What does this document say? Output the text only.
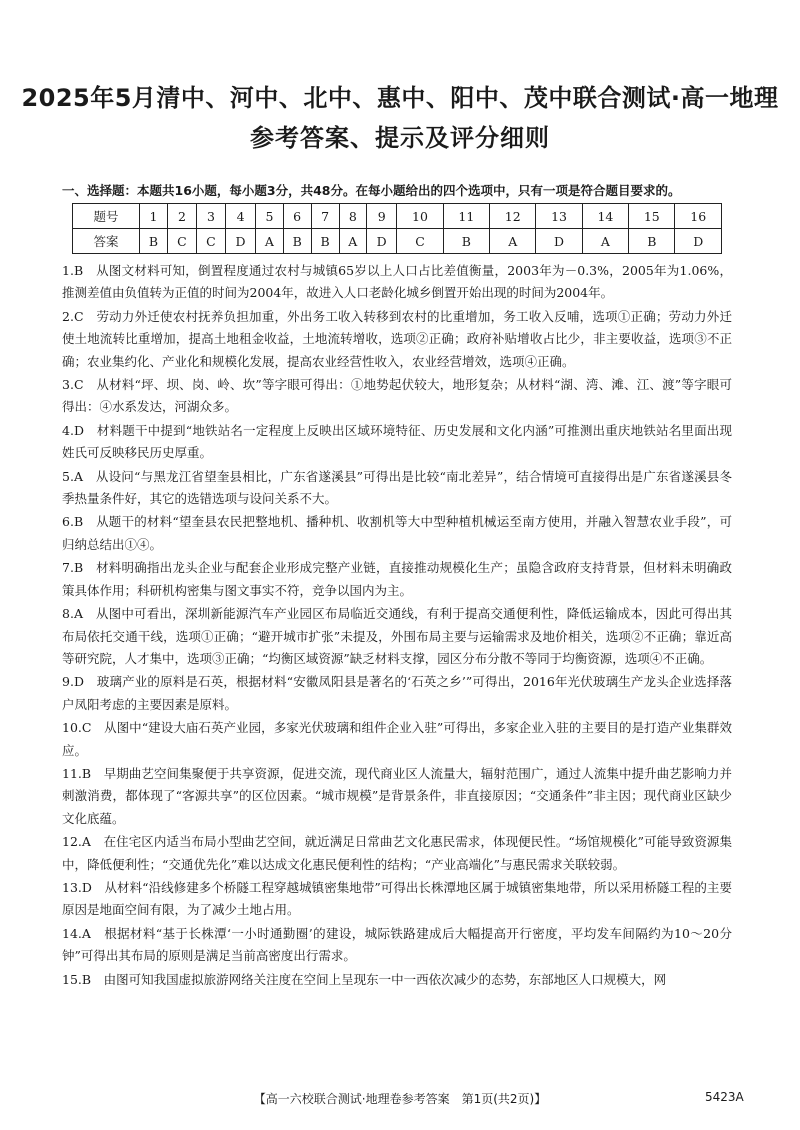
2025年5月清中、河中、北中、惠中、阳中、茂中联合测试·高一地理
参考答案、提示及评分细则
一、选择题：本题共16小题，每小题3分，共48分。在每小题给出的四个选项中，只有一项是符合题目要求的。
题号	1	2	3	4	5	6	7	8	9	10	11	12	13	14	15	16
答案	B	C	C	D	A	B	B	A	D	C	B	A	D	A	B	D
1.B　 从图文材料可知，倒置程度通过农村与城镇65岁以上人口占比差值衡量，2003年为－0.3%，2005年为1.06%，推测差值由负值转为正值的时间为2004年，故进入人口老龄化城乡倒置开始出现的时间为2004年。
2.C　 劳动力外迁使农村抚养负担加重，外出务工收入转移到农村的比重增加，务工收入反哺，选项①正确；劳动力外迁使土地流转比重增加，提高土地租金收益，土地流转增收，选项②正确；政府补贴增收占比少，非主要收益，选项③不正确；农业集约化、产业化和规模化发展，提高农业经营性收入，农业经营增效，选项④正确。
3.C　 从材料“坪、坝、岗、岭、坎”等字眼可得出：①地势起伏较大，地形复杂；从材料“湖、湾、滩、江、渡”等字眼可得出：④水系发达，河湖众多。
4.D　 材料题干中提到“地铁站名一定程度上反映出区域环境特征、历史发展和文化内涵”可推测出重庆地铁站名里面出现姓氏可反映移民历史厚重。
5.A　 从设问“与黑龙江省望奎县相比，广东省遂溪县”可得出是比较“南北差异”，结合情境可直接得出是广东省遂溪县冬季热量条件好，其它的选错选项与设问关系不大。
6.B　 从题干的材料“望奎县农民把整地机、播种机、收割机等大中型种植机械运至南方使用，并融入智慧农业手段”，可归纳总结出①④。
7.B　 材料明确指出龙头企业与配套企业形成完整产业链，直接推动规模化生产；虽隐含政府支持背景，但材料未明确政策具体作用；科研机构密集与图文事实不符，竞争以国内为主。
8.A　 从图中可看出，深圳新能源汽车产业园区布局临近交通线，有利于提高交通便利性，降低运输成本，因此可得出其布局依托交通干线，选项①正确；“避开城市扩张”未提及，外围布局主要与运输需求及地价相关，选项②不正确；靠近高等研究院，人才集中，选项③正确；“均衡区域资源”缺乏材料支撑，园区分布分散不等同于均衡资源，选项④不正确。
9.D　 玻璃产业的原料是石英，根据材料“安徽凤阳县是著名的‘石英之乡’”可得出，2016年光伏玻璃生产龙头企业选择落户凤阳考虑的主要因素是原料。
10.C　 从图中“建设大庙石英产业园，多家光伏玻璃和组件企业入驻”可得出，多家企业入驻的主要目的是打造产业集群效应。
11.B　 早期曲艺空间集聚便于共享资源，促进交流，现代商业区人流量大，辐射范围广，通过人流集中提升曲艺影响力并刺激消费，都体现了“客源共享”的区位因素。“城市规模”是背景条件，非直接原因；“交通条件”非主因；现代商业区缺少文化底蕴。
12.A　 在住宅区内适当布局小型曲艺空间，就近满足日常曲艺文化惠民需求，体现便民性。“场馆规模化”可能导致资源集中，降低便利性；“交通优先化”难以达成文化惠民便利性的结构；“产业高端化”与惠民需求关联较弱。
13.D　 从材料“沿线修建多个桥隧工程穿越城镇密集地带”可得出长株潭地区属于城镇密集地带，所以采用桥隧工程的主要原因是地面空间有限，为了减少土地占用。
14.A　 根据材料“基于长株潭‘一小时通勤圈’的建设，城际铁路建成后大幅提高开行密度，平均发车间隔约为10～20分钟”可得出其布局的原则是满足当前高密度出行需求。
15.B　 由图可知我国虚拟旅游网络关注度在空间上呈现东一中一西依次减少的态势，东部地区人口规模大，网
【高一六校联合测试·地理卷参考答案　第1页(共2页)】	5423A
